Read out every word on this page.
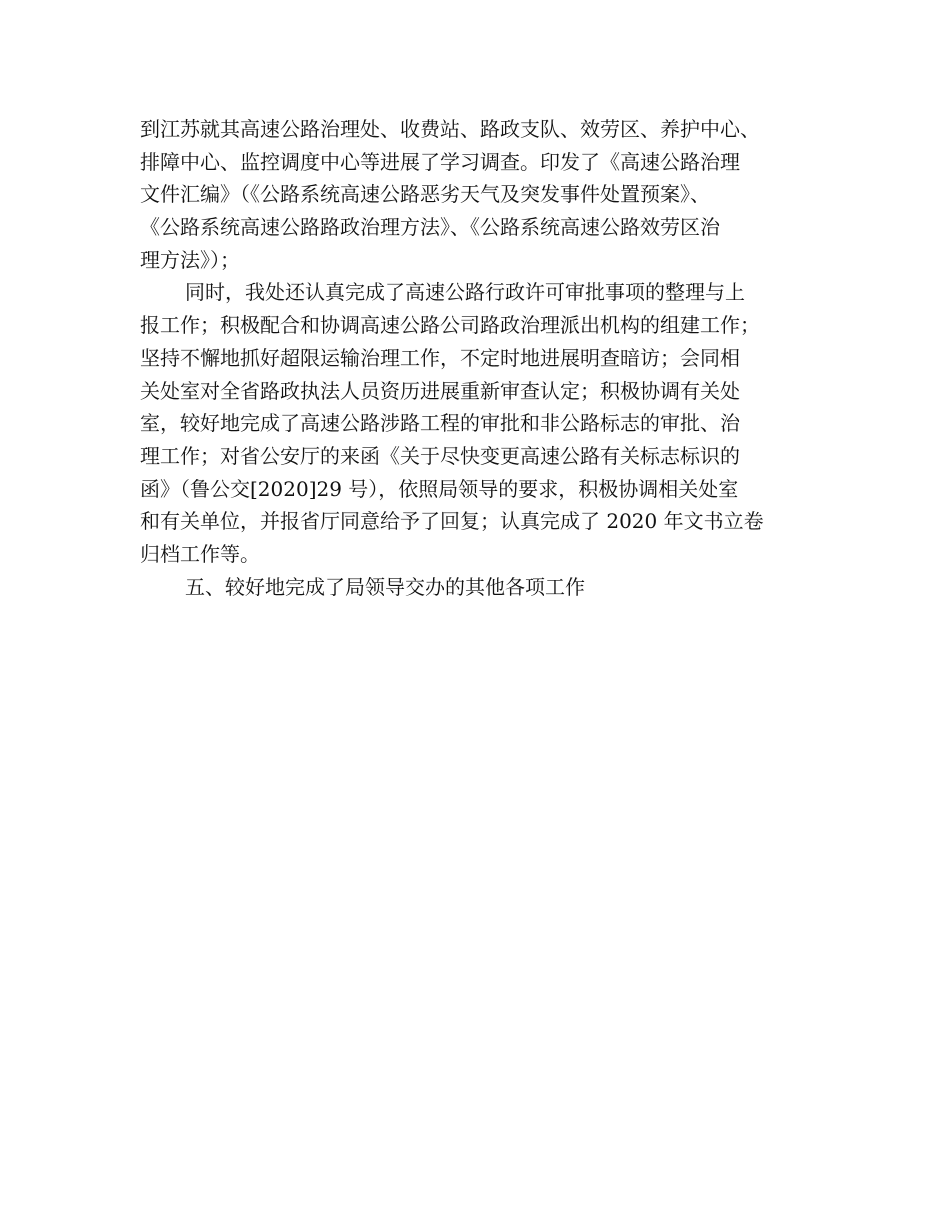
到江苏就其高速公路治理处、收费站、路政支队、效劳区、养护中心、
排障中心、监控调度中心等进展了学习调查。印发了《高速公路治理
文件汇编》（《公路系统高速公路恶劣天气及突发事件处置预案》、
《公路系统高速公路路政治理方法》、《公路系统高速公路效劳区治
理方法》）；
同时，我处还认真完成了高速公路行政许可审批事项的整理与上
报工作；积极配合和协调高速公路公司路政治理派出机构的组建工作；
坚持不懈地抓好超限运输治理工作，不定时地进展明查暗访；会同相
关处室对全省路政执法人员资历进展重新审查认定；积极协调有关处
室，较好地完成了高速公路涉路工程的审批和非公路标志的审批、治
理工作；对省公安厅的来函《关于尽快变更高速公路有关标志标识的
函》（鲁公交[2020]29 号），依照局领导的要求，积极协调相关处室
和有关单位，并报省厅同意给予了回复；认真完成了 2020 年文书立卷
归档工作等。
五、较好地完成了局领导交办的其他各项工作
